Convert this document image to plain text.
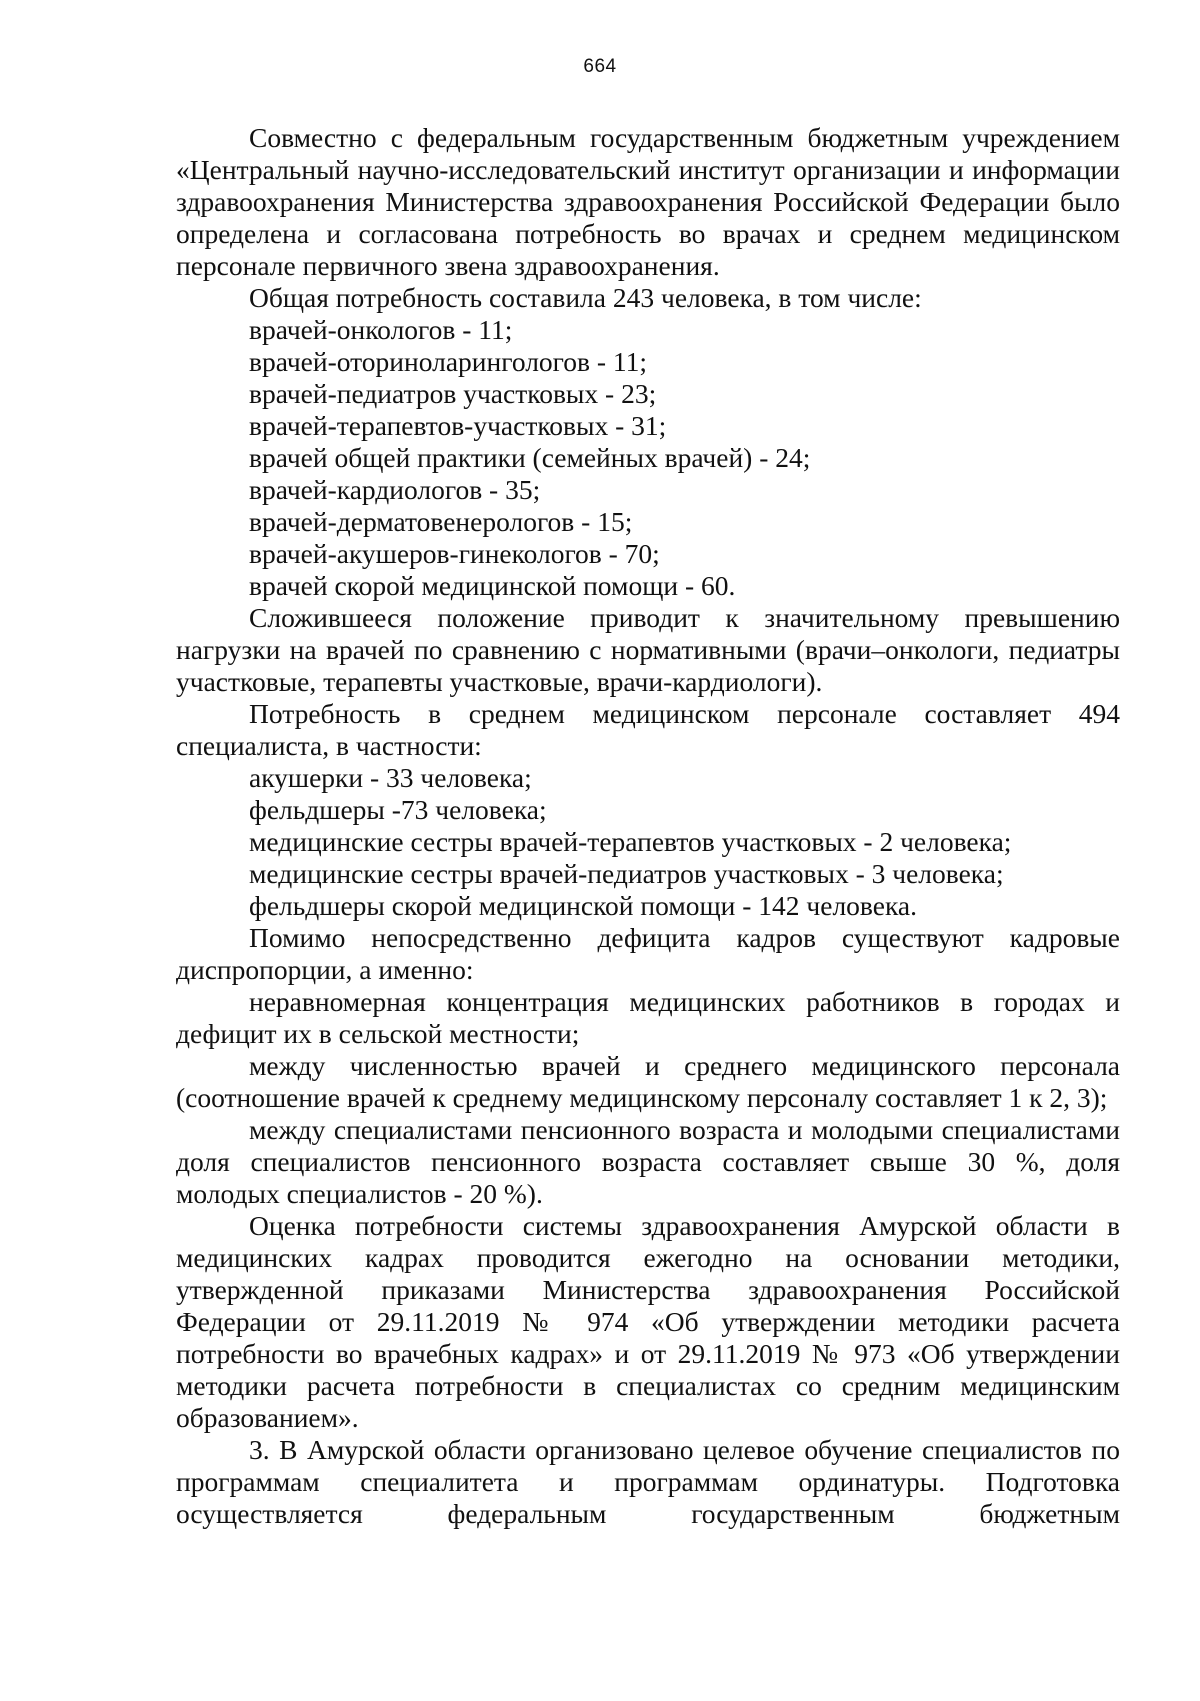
664

Совместно с федеральным государственным бюджетным учреждением «Центральный научно-исследовательский институт организации и информации здравоохранения Министерства здравоохранения Российской Федерации было определена и согласована потребность во врачах и среднем медицинском персонале первичного звена здравоохранения.

Общая потребность составила 243 человека, в том числе:

врачей-онкологов - 11;

врачей-оториноларингологов - 11;

врачей-педиатров участковых - 23;

врачей-терапевтов-участковых - 31;

врачей общей практики (семейных врачей) - 24;

врачей-кардиологов - 35;

врачей-дерматовенерологов - 15;

врачей-акушеров-гинекологов - 70;

врачей скорой медицинской помощи - 60.

Сложившееся положение приводит к значительному превышению нагрузки на врачей по сравнению с нормативными (врачи–онкологи, педиатры участковые, терапевты участковые, врачи-кардиологи).

Потребность в среднем медицинском персонале составляет 494 специалиста, в частности:

акушерки - 33 человека;

фельдшеры -73 человека;

медицинские сестры врачей-терапевтов участковых - 2 человека;

медицинские сестры врачей-педиатров участковых - 3 человека;

фельдшеры скорой медицинской помощи - 142 человека.

Помимо непосредственно дефицита кадров существуют кадровые диспропорции, а именно:

неравномерная концентрация медицинских работников в городах и дефицит их в сельской местности;

между численностью врачей и среднего медицинского персонала (соотношение врачей к среднему медицинскому персоналу составляет 1 к 2, 3);

между специалистами пенсионного возраста и молодыми специалистами доля специалистов пенсионного возраста составляет свыше 30 %, доля молодых специалистов - 20 %).

Оценка потребности системы здравоохранения Амурской области в медицинских кадрах проводится ежегодно на основании методики, утвержденной приказами Министерства здравоохранения Российской Федерации от 29.11.2019 № 974 «Об утверждении методики расчета потребности во врачебных кадрах» и от 29.11.2019 № 973 «Об утверждении методики расчета потребности в специалистах со средним медицинским образованием».

3. В Амурской области организовано целевое обучение специалистов по программам специалитета и программам ординатуры. Подготовка осуществляется федеральным государственным бюджетным
